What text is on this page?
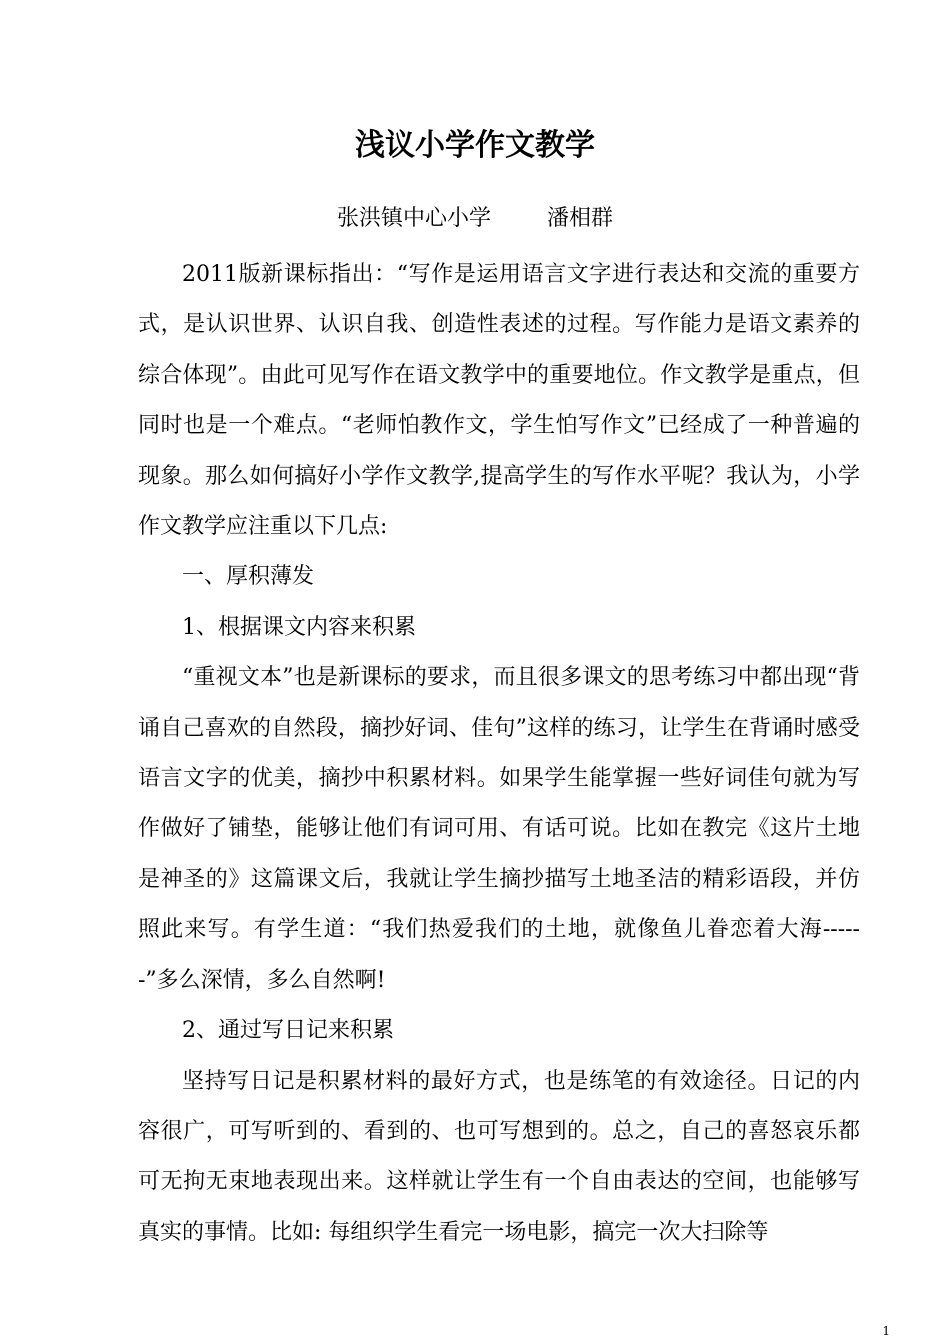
浅议小学作文教学
张洪镇中心小学	潘相群

2011版新课标指出：“写作是运用语言文字进行表达和交流的重要方式，是认识世界、认识自我、创造性表述的过程。写作能力是语文素养的综合体现”。由此可见写作在语文教学中的重要地位。作文教学是重点，但同时也是一个难点。“老师怕教作文，学生怕写作文”已经成了一种普遍的现象。那么如何搞好小学作文教学,提高学生的写作水平呢？我认为，小学作文教学应注重以下几点:

一、厚积薄发

1、根据课文内容来积累

“重视文本”也是新课标的要求，而且很多课文的思考练习中都出现“背诵自己喜欢的自然段，摘抄好词、佳句”这样的练习，让学生在背诵时感受语言文字的优美，摘抄中积累材料。如果学生能掌握一些好词佳句就为写作做好了铺垫，能够让他们有词可用、有话可说。比如在教完《这片土地是神圣的》这篇课文后，我就让学生摘抄描写土地圣洁的精彩语段，并仿照此来写。有学生道：“我们热爱我们的土地，就像鱼儿眷恋着大海------”多么深情，多么自然啊!

2、通过写日记来积累

坚持写日记是积累材料的最好方式，也是练笔的有效途径。日记的内容很广，可写听到的、看到的、也可写想到的。总之，自己的喜怒哀乐都可无拘无束地表现出来。这样就让学生有一个自由表达的空间，也能够写真实的事情。比如: 每组织学生看完一场电影，搞完一次大扫除等

1
